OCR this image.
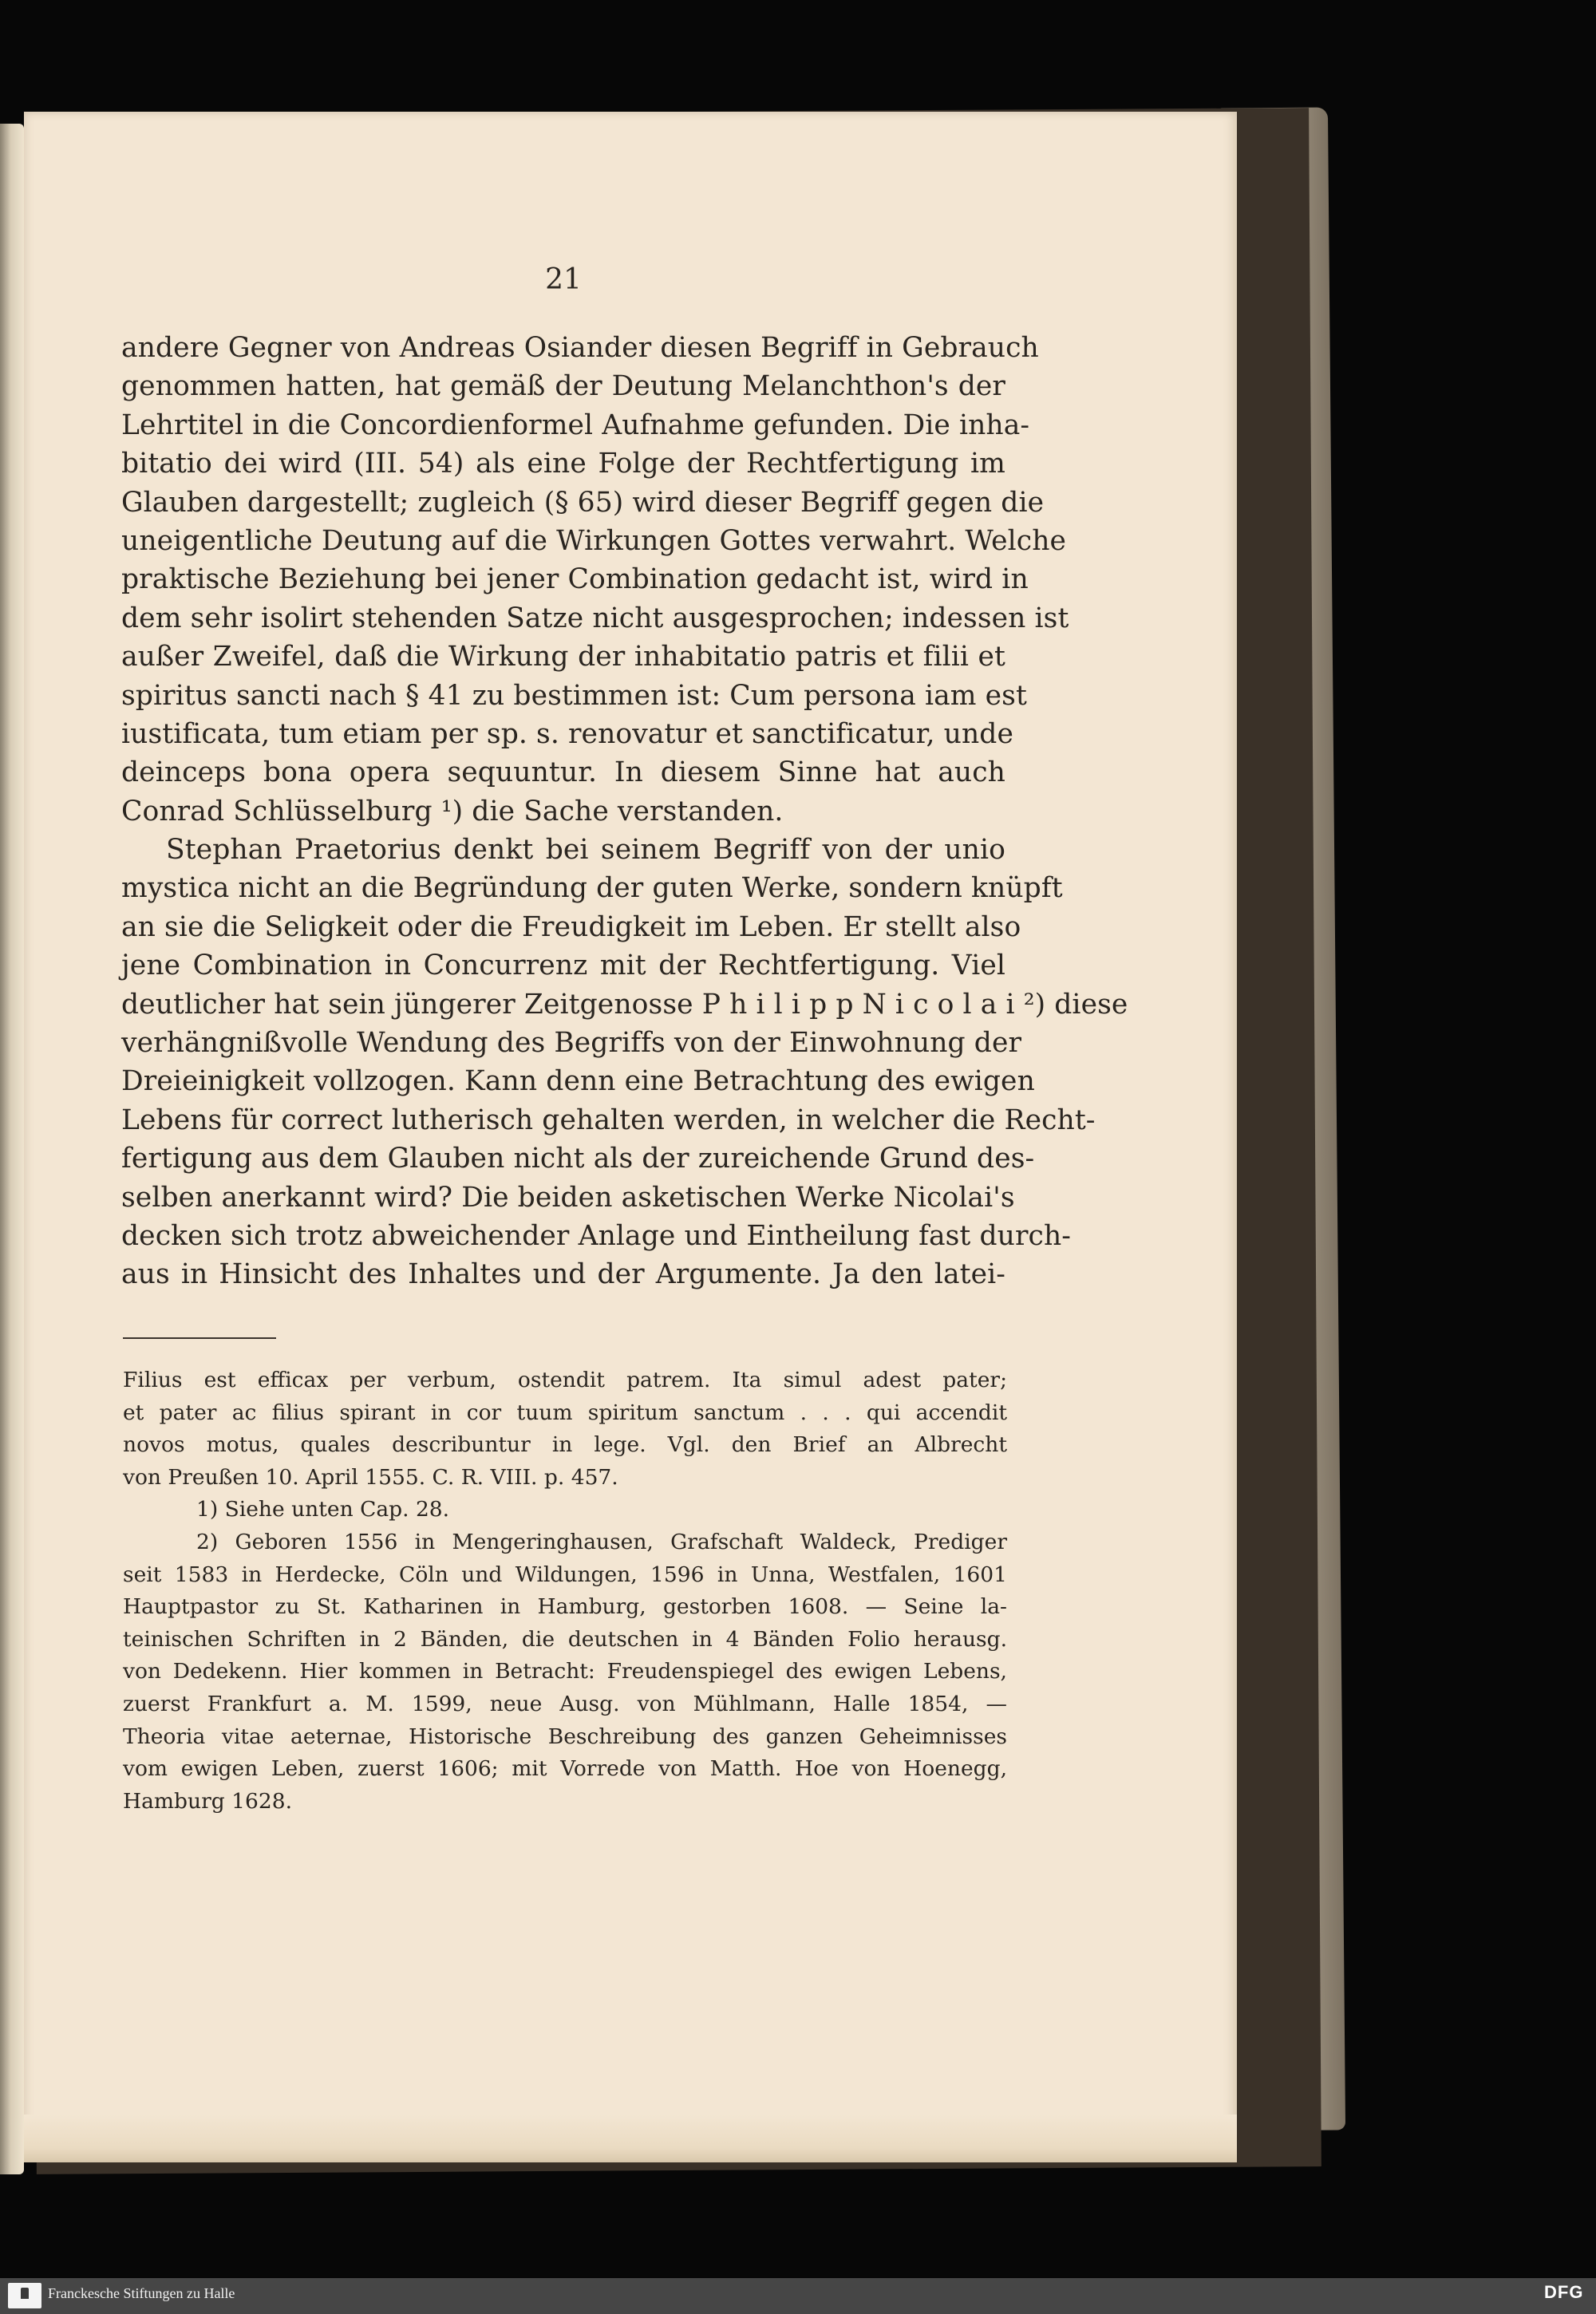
21
andere Gegner von Andreas Osiander diesen Begriff in Gebrauch
genommen hatten, hat gemäß der Deutung Melanchthon's der
Lehrtitel in die Concordienformel Aufnahme gefunden. Die inha-
bitatio dei wird (III. 54) als eine Folge der Rechtfertigung im
Glauben dargestellt; zugleich (§ 65) wird dieser Begriff gegen die
uneigentliche Deutung auf die Wirkungen Gottes verwahrt. Welche
praktische Beziehung bei jener Combination gedacht ist, wird in
dem sehr isolirt stehenden Satze nicht ausgesprochen; indessen ist
außer Zweifel, daß die Wirkung der inhabitatio patris et filii et
spiritus sancti nach § 41 zu bestimmen ist: Cum persona iam est
iustificata, tum etiam per sp. s. renovatur et sanctificatur, unde
deinceps bona opera sequuntur. In diesem Sinne hat auch
Conrad Schlüsselburg ¹) die Sache verstanden.
Stephan Praetorius denkt bei seinem Begriff von der unio
mystica nicht an die Begründung der guten Werke, sondern knüpft
an sie die Seligkeit oder die Freudigkeit im Leben. Er stellt also
jene Combination in Concurrenz mit der Rechtfertigung. Viel
deutlicher hat sein jüngerer Zeitgenosse P h i l i p p N i c o l a i ²) diese
verhängnißvolle Wendung des Begriffs von der Einwohnung der
Dreieinigkeit vollzogen. Kann denn eine Betrachtung des ewigen
Lebens für correct lutherisch gehalten werden, in welcher die Recht-
fertigung aus dem Glauben nicht als der zureichende Grund des-
selben anerkannt wird? Die beiden asketischen Werke Nicolai's
decken sich trotz abweichender Anlage und Eintheilung fast durch-
aus in Hinsicht des Inhaltes und der Argumente. Ja den latei-
Filius est efficax per verbum, ostendit patrem. Ita simul adest pater;
et pater ac filius spirant in cor tuum spiritum sanctum . . . qui accendit
novos motus, quales describuntur in lege. Vgl. den Brief an Albrecht
von Preußen 10. April 1555. C. R. VIII. p. 457.
1) Siehe unten Cap. 28.
2) Geboren 1556 in Mengeringhausen, Grafschaft Waldeck, Prediger
seit 1583 in Herdecke, Cöln und Wildungen, 1596 in Unna, Westfalen, 1601
Hauptpastor zu St. Katharinen in Hamburg, gestorben 1608. — Seine la-
teinischen Schriften in 2 Bänden, die deutschen in 4 Bänden Folio herausg.
von Dedekenn. Hier kommen in Betracht: Freudenspiegel des ewigen Lebens,
zuerst Frankfurt a. M. 1599, neue Ausg. von Mühlmann, Halle 1854, —
Theoria vitae aeternae, Historische Beschreibung des ganzen Geheimnisses
vom ewigen Leben, zuerst 1606; mit Vorrede von Matth. Hoe von Hoenegg,
Hamburg 1628.
Franckesche Stiftungen zu Halle	DFG
